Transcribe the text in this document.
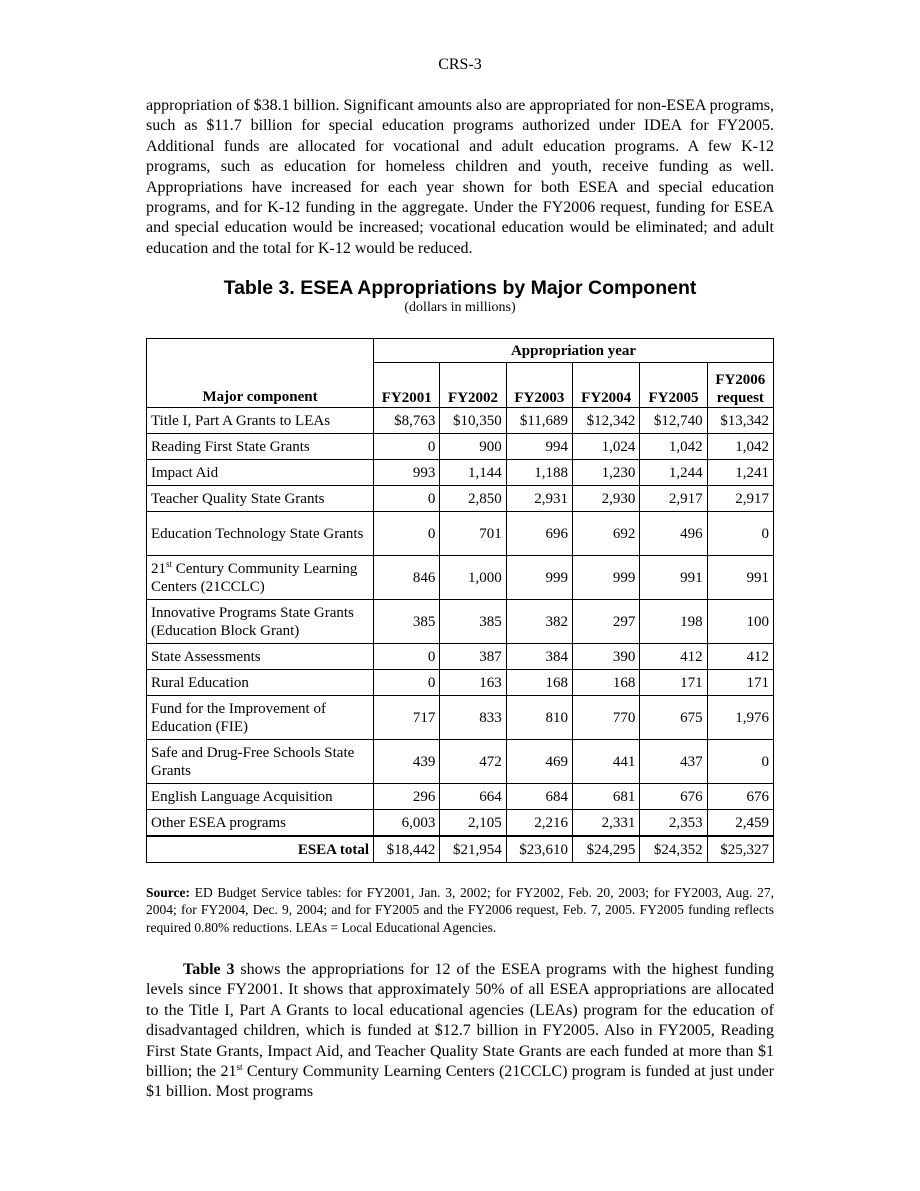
CRS-3

appropriation of $38.1 billion. Significant amounts also are appropriated for non-ESEA programs, such as $11.7 billion for special education programs authorized under IDEA for FY2005. Additional funds are allocated for vocational and adult education programs. A few K-12 programs, such as education for homeless children and youth, receive funding as well. Appropriations have increased for each year shown for both ESEA and special education programs, and for K-12 funding in the aggregate. Under the FY2006 request, funding for ESEA and special education would be increased; vocational education would be eliminated; and adult education and the total for K-12 would be reduced.

Table 3. ESEA Appropriations by Major Component
(dollars in millions)
Major component	Appropriation year					
	FY2001	FY2002	FY2003	FY2004	FY2005	FY2006 request
Title I, Part A Grants to LEAs	$8,763	$10,350	$11,689	$12,342	$12,740	$13,342
Reading First State Grants	0	900	994	1,024	1,042	1,042
Impact Aid	993	1,144	1,188	1,230	1,244	1,241
Teacher Quality State Grants	0	2,850	2,931	2,930	2,917	2,917
Education Technology State Grants	0	701	696	692	496	0
21st Century Community Learning Centers (21CCLC)	846	1,000	999	999	991	991
Innovative Programs State Grants (Education Block Grant)	385	385	382	297	198	100
State Assessments	0	387	384	390	412	412
Rural Education	0	163	168	168	171	171
Fund for the Improvement of Education (FIE)	717	833	810	770	675	1,976
Safe and Drug-Free Schools State Grants	439	472	469	441	437	0
English Language Acquisition	296	664	684	681	676	676
Other ESEA programs	6,003	2,105	2,216	2,331	2,353	2,459
ESEA total	$18,442	$21,954	$23,610	$24,295	$24,352	$25,327

Source: ED Budget Service tables: for FY2001, Jan. 3, 2002; for FY2002, Feb. 20, 2003; for FY2003, Aug. 27, 2004; for FY2004, Dec. 9, 2004; and for FY2005 and the FY2006 request, Feb. 7, 2005. FY2005 funding reflects required 0.80% reductions. LEAs = Local Educational Agencies.

Table 3 shows the appropriations for 12 of the ESEA programs with the highest funding levels since FY2001. It shows that approximately 50% of all ESEA appropriations are allocated to the Title I, Part A Grants to local educational agencies (LEAs) program for the education of disadvantaged children, which is funded at $12.7 billion in FY2005. Also in FY2005, Reading First State Grants, Impact Aid, and Teacher Quality State Grants are each funded at more than $1 billion; the 21st Century Community Learning Centers (21CCLC) program is funded at just under $1 billion. Most programs
